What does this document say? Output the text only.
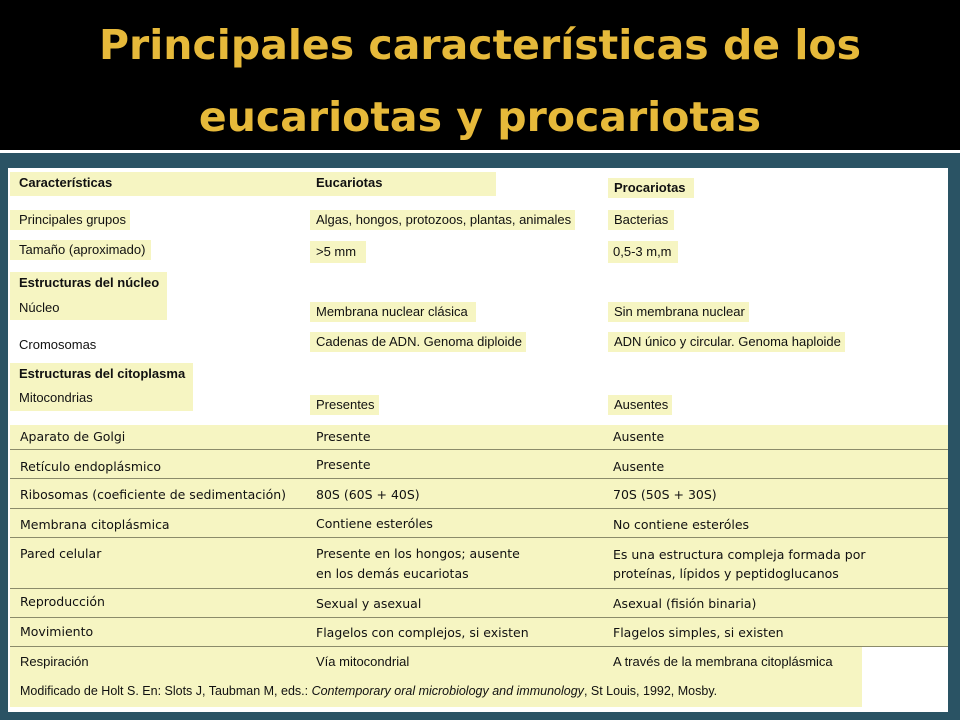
Principales características de los
eucariotas y procariotas
Características	Eucariotas	Procariotas
Principales grupos	Algas, hongos, protozoos, plantas, animales	Bacterias
Tamaño (aproximado)	>5 mm	0,5-3 m,m
Estructuras del núcleo
Núcleo	Membrana nuclear clásica	Sin membrana nuclear
Cromosomas	Cadenas de ADN. Genoma diploide	ADN único y circular. Genoma haploide
Estructuras del citoplasma
Mitocondrias	Presentes	Ausentes
Aparato de Golgi	Presente	Ausente
Retículo endoplásmico	Presente	Ausente
Ribosomas (coeficiente de sedimentación) 80S (60S + 40S)	70S (50S + 30S)
Membrana citoplásmica	Contiene esteróles	No contiene esteróles
Pared celular	Presente en los hongos; ausente	Es una estructura compleja formada por
en los demás eucariotas	proteínas, lípidos y peptidoglucanos
Reproducción	Sexual y asexual	Asexual (fisión binaria)
Movimiento	Flagelos con complejos, si existen	Flagelos simples, si existen
Respiración	Vía mitocondrial	A través de la membrana citoplásmica
Modificado de Holt S. En: Slots J, Taubman M, eds.: Contemporary oral microbiology and immunology, St Louis, 1992, Mosby.
